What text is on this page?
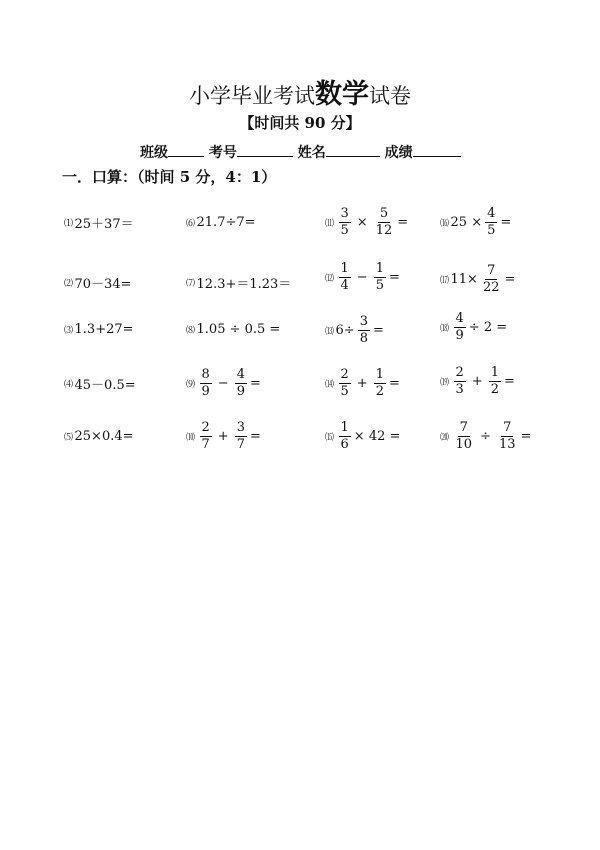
小学毕业考试数学试卷
【时间共 90 分】
班级	考号	姓名	成绩
一．口算：（时间 5 分，4：1）
⑴ 25＋37＝
⑵ 70－34=
⑶ 1.3+27=
⑷ 45－0.5=
⑸ 25×0.4=
⑹ 21.7÷7=
⑺ 12.3+＝1.23＝
⑻ 1.05 ÷ 0.5 =
⑼ $\frac{8}{9} - \frac{4}{9}$ =
⑽ $\frac{2}{7} + \frac{3}{7}$ =
⑾ $\frac{3}{5} \times \frac{5}{12}$ =
⑿ $\frac{1}{4} - \frac{1}{5}$ =
⒀ $6\div \frac{3}{8}$ =
⒁ $\frac{2}{5} + \frac{1}{2}$ =
⒂ $\frac{1}{6} \times 42$ =
⒃ $25 \times \frac{4}{5}$ =
⒄ $11\times \frac{7}{22}$ =
⒅ $\frac{4}{9} \div 2$ =
⒆ $\frac{2}{3} + \frac{1}{2}$ =
⒇ $\frac{7}{10} \div \frac{7}{13}$ =
